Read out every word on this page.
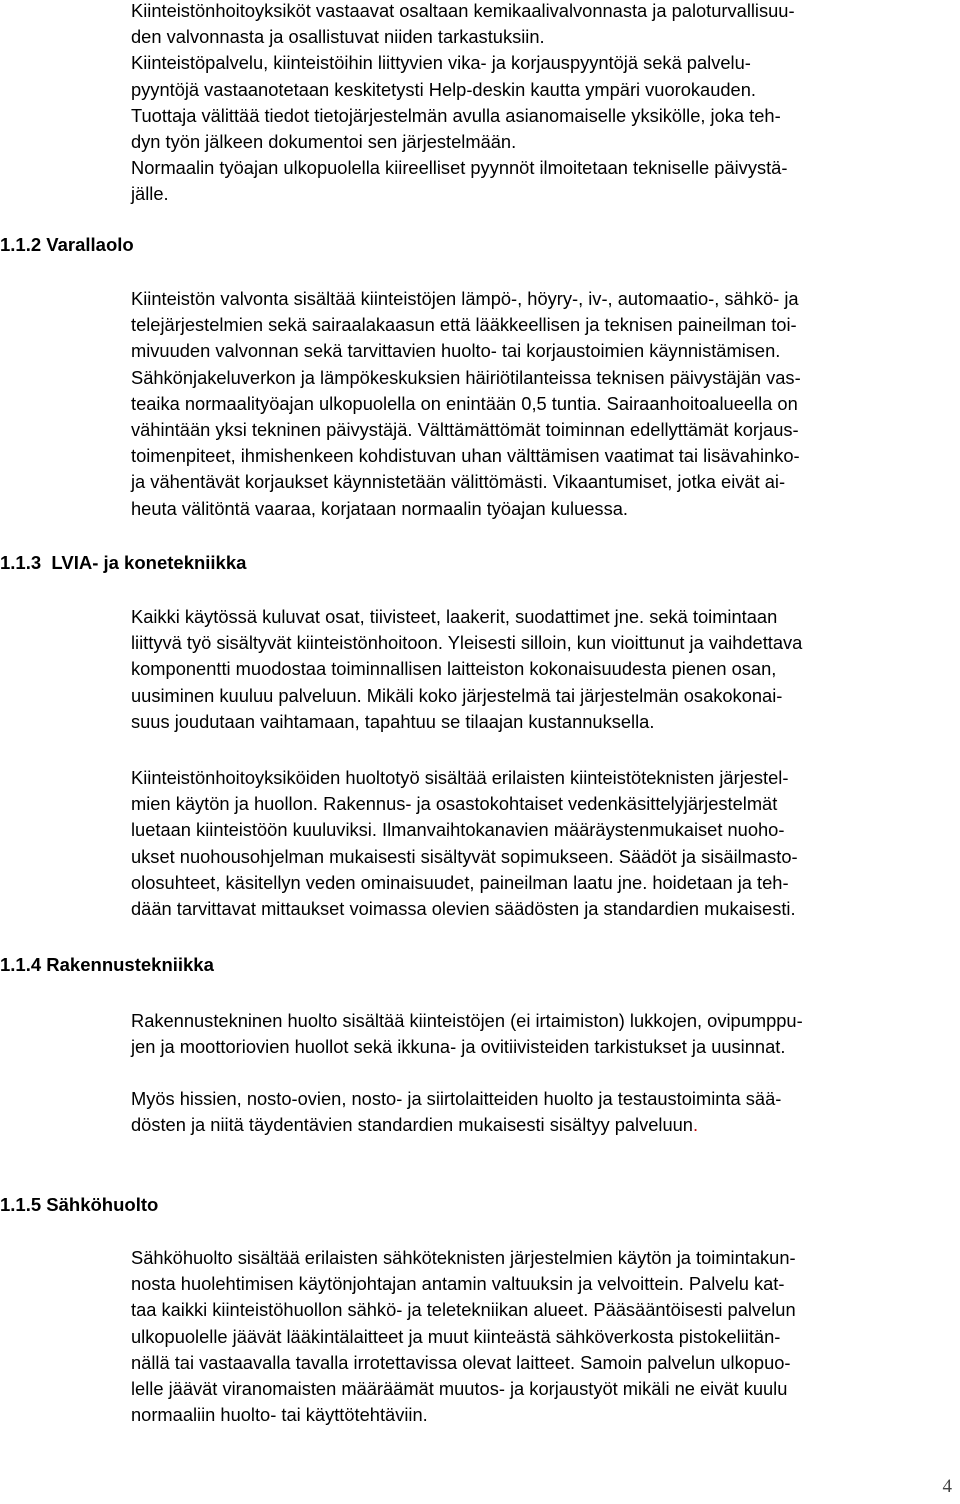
Kiinteistönhoitoyksiköt vastaavat osaltaan kemikaalivalvonnasta ja paloturvallisuu-
den valvonnasta ja osallistuvat niiden tarkastuksiin.
Kiinteistöpalvelu, kiinteistöihin liittyvien vika- ja korjauspyyntöjä sekä palvelu-
pyyntöjä vastaanotetaan keskitetysti Help-deskin kautta ympäri vuorokauden.
Tuottaja välittää tiedot tietojärjestelmän avulla asianomaiselle yksikölle, joka teh-
dyn työn jälkeen dokumentoi sen järjestelmään.
Normaalin työajan ulkopuolella kiireelliset pyynnöt ilmoitetaan tekniselle päivystä-
jälle.

1.1.2 Varallaolo

Kiinteistön valvonta sisältää kiinteistöjen lämpö-, höyry-, iv-, automaatio-, sähkö- ja
telejärjestelmien sekä sairaalakaasun että lääkkeellisen ja teknisen paineilman toi-
mivuuden valvonnan sekä tarvittavien huolto- tai korjaustoimien käynnistämisen.
Sähkönjakeluverkon ja lämpökeskuksien häiriötilanteissa teknisen päivystäjän vas-
teaika normaalityöajan ulkopuolella on enintään 0,5 tuntia. Sairaanhoitoalueella on
vähintään yksi tekninen päivystäjä. Välttämättömät toiminnan edellyttämät korjaus-
toimenpiteet, ihmishenkeen kohdistuvan uhan välttämisen vaatimat tai lisävahinko-
ja vähentävät korjaukset käynnistetään välittömästi. Vikaantumiset, jotka eivät ai-
heuta välitöntä vaaraa, korjataan normaalin työajan kuluessa.

1.1.3  LVIA- ja konetekniikka

Kaikki käytössä kuluvat osat, tiivisteet, laakerit, suodattimet jne. sekä toimintaan
liittyvä työ sisältyvät kiinteistönhoitoon. Yleisesti silloin, kun vioittunut ja vaihdettava
komponentti muodostaa toiminnallisen laitteiston kokonaisuudesta pienen osan,
uusiminen kuuluu palveluun. Mikäli koko järjestelmä tai järjestelmän osakokonai-
suus joudutaan vaihtamaan, tapahtuu se tilaajan kustannuksella.

Kiinteistönhoitoyksiköiden huoltotyö sisältää erilaisten kiinteistöteknisten järjestel-
mien käytön ja huollon. Rakennus- ja osastokohtaiset vedenkäsittelyjärjestelmät
luetaan kiinteistöön kuuluviksi. Ilmanvaihtokanavien määräystenmukaiset nuoho-
ukset nuohousohjelman mukaisesti sisältyvät sopimukseen. Säädöt ja sisäilmasto-
olosuhteet, käsitellyn veden ominaisuudet, paineilman laatu jne. hoidetaan ja teh-
dään tarvittavat mittaukset voimassa olevien säädösten ja standardien mukaisesti.

1.1.4 Rakennustekniikka

Rakennustekninen huolto sisältää kiinteistöjen (ei irtaimiston) lukkojen, ovipumppu-
jen ja moottoriovien huollot sekä ikkuna- ja ovitiivisteiden tarkistukset ja uusinnat.

Myös hissien, nosto-ovien, nosto- ja siirtolaitteiden huolto ja testaustoiminta sää-
dösten ja niitä täydentävien standardien mukaisesti sisältyy palveluun.

1.1.5 Sähköhuolto

Sähköhuolto sisältää erilaisten sähköteknisten järjestelmien käytön ja toimintakun-
nosta huolehtimisen käytönjohtajan antamin valtuuksin ja velvoittein. Palvelu kat-
taa kaikki kiinteistöhuollon sähkö- ja teletekniikan alueet. Pääsääntöisesti palvelun
ulkopuolelle jäävät lääkintälaitteet ja muut kiinteästä sähköverkosta pistokeliitän-
nällä tai vastaavalla tavalla irrotettavissa olevat laitteet. Samoin palvelun ulkopuo-
lelle jäävät viranomaisten määräämät muutos- ja korjaustyöt mikäli ne eivät kuulu
normaaliin huolto- tai käyttötehtäviin.

4
